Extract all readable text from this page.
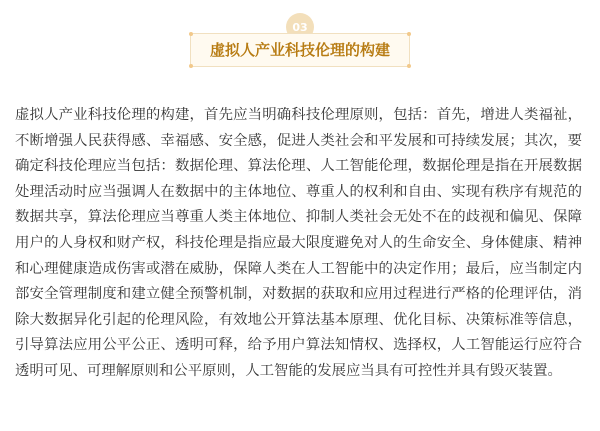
03
虚拟人产业科技伦理的构建
虚拟人产业科技伦理的构建，首先应当明确科技伦理原则，包括：首先，增进人类福祉，不断增强人民获得感、幸福感、安全感，促进人类社会和平发展和可持续发展；其次，要确定科技伦理应当包括：数据伦理、算法伦理、人工智能伦理，数据伦理是指在开展数据处理活动时应当强调人在数据中的主体地位、尊重人的权利和自由、实现有秩序有规范的数据共享，算法伦理应当尊重人类主体地位、抑制人类社会无处不在的歧视和偏见、保障用户的人身权和财产权，科技伦理是指应最大限度避免对人的生命安全、身体健康、精神和心理健康造成伤害或潜在威胁，保障人类在人工智能中的决定作用；最后，应当制定内部安全管理制度和建立健全预警机制，对数据的获取和应用过程进行严格的伦理评估，消除大数据异化引起的伦理风险，有效地公开算法基本原理、优化目标、决策标准等信息，引导算法应用公平公正、透明可释，给予用户算法知情权、选择权，人工智能运行应符合透明可见、可理解原则和公平原则，人工智能的发展应当具有可控性并具有毁灭装置。
